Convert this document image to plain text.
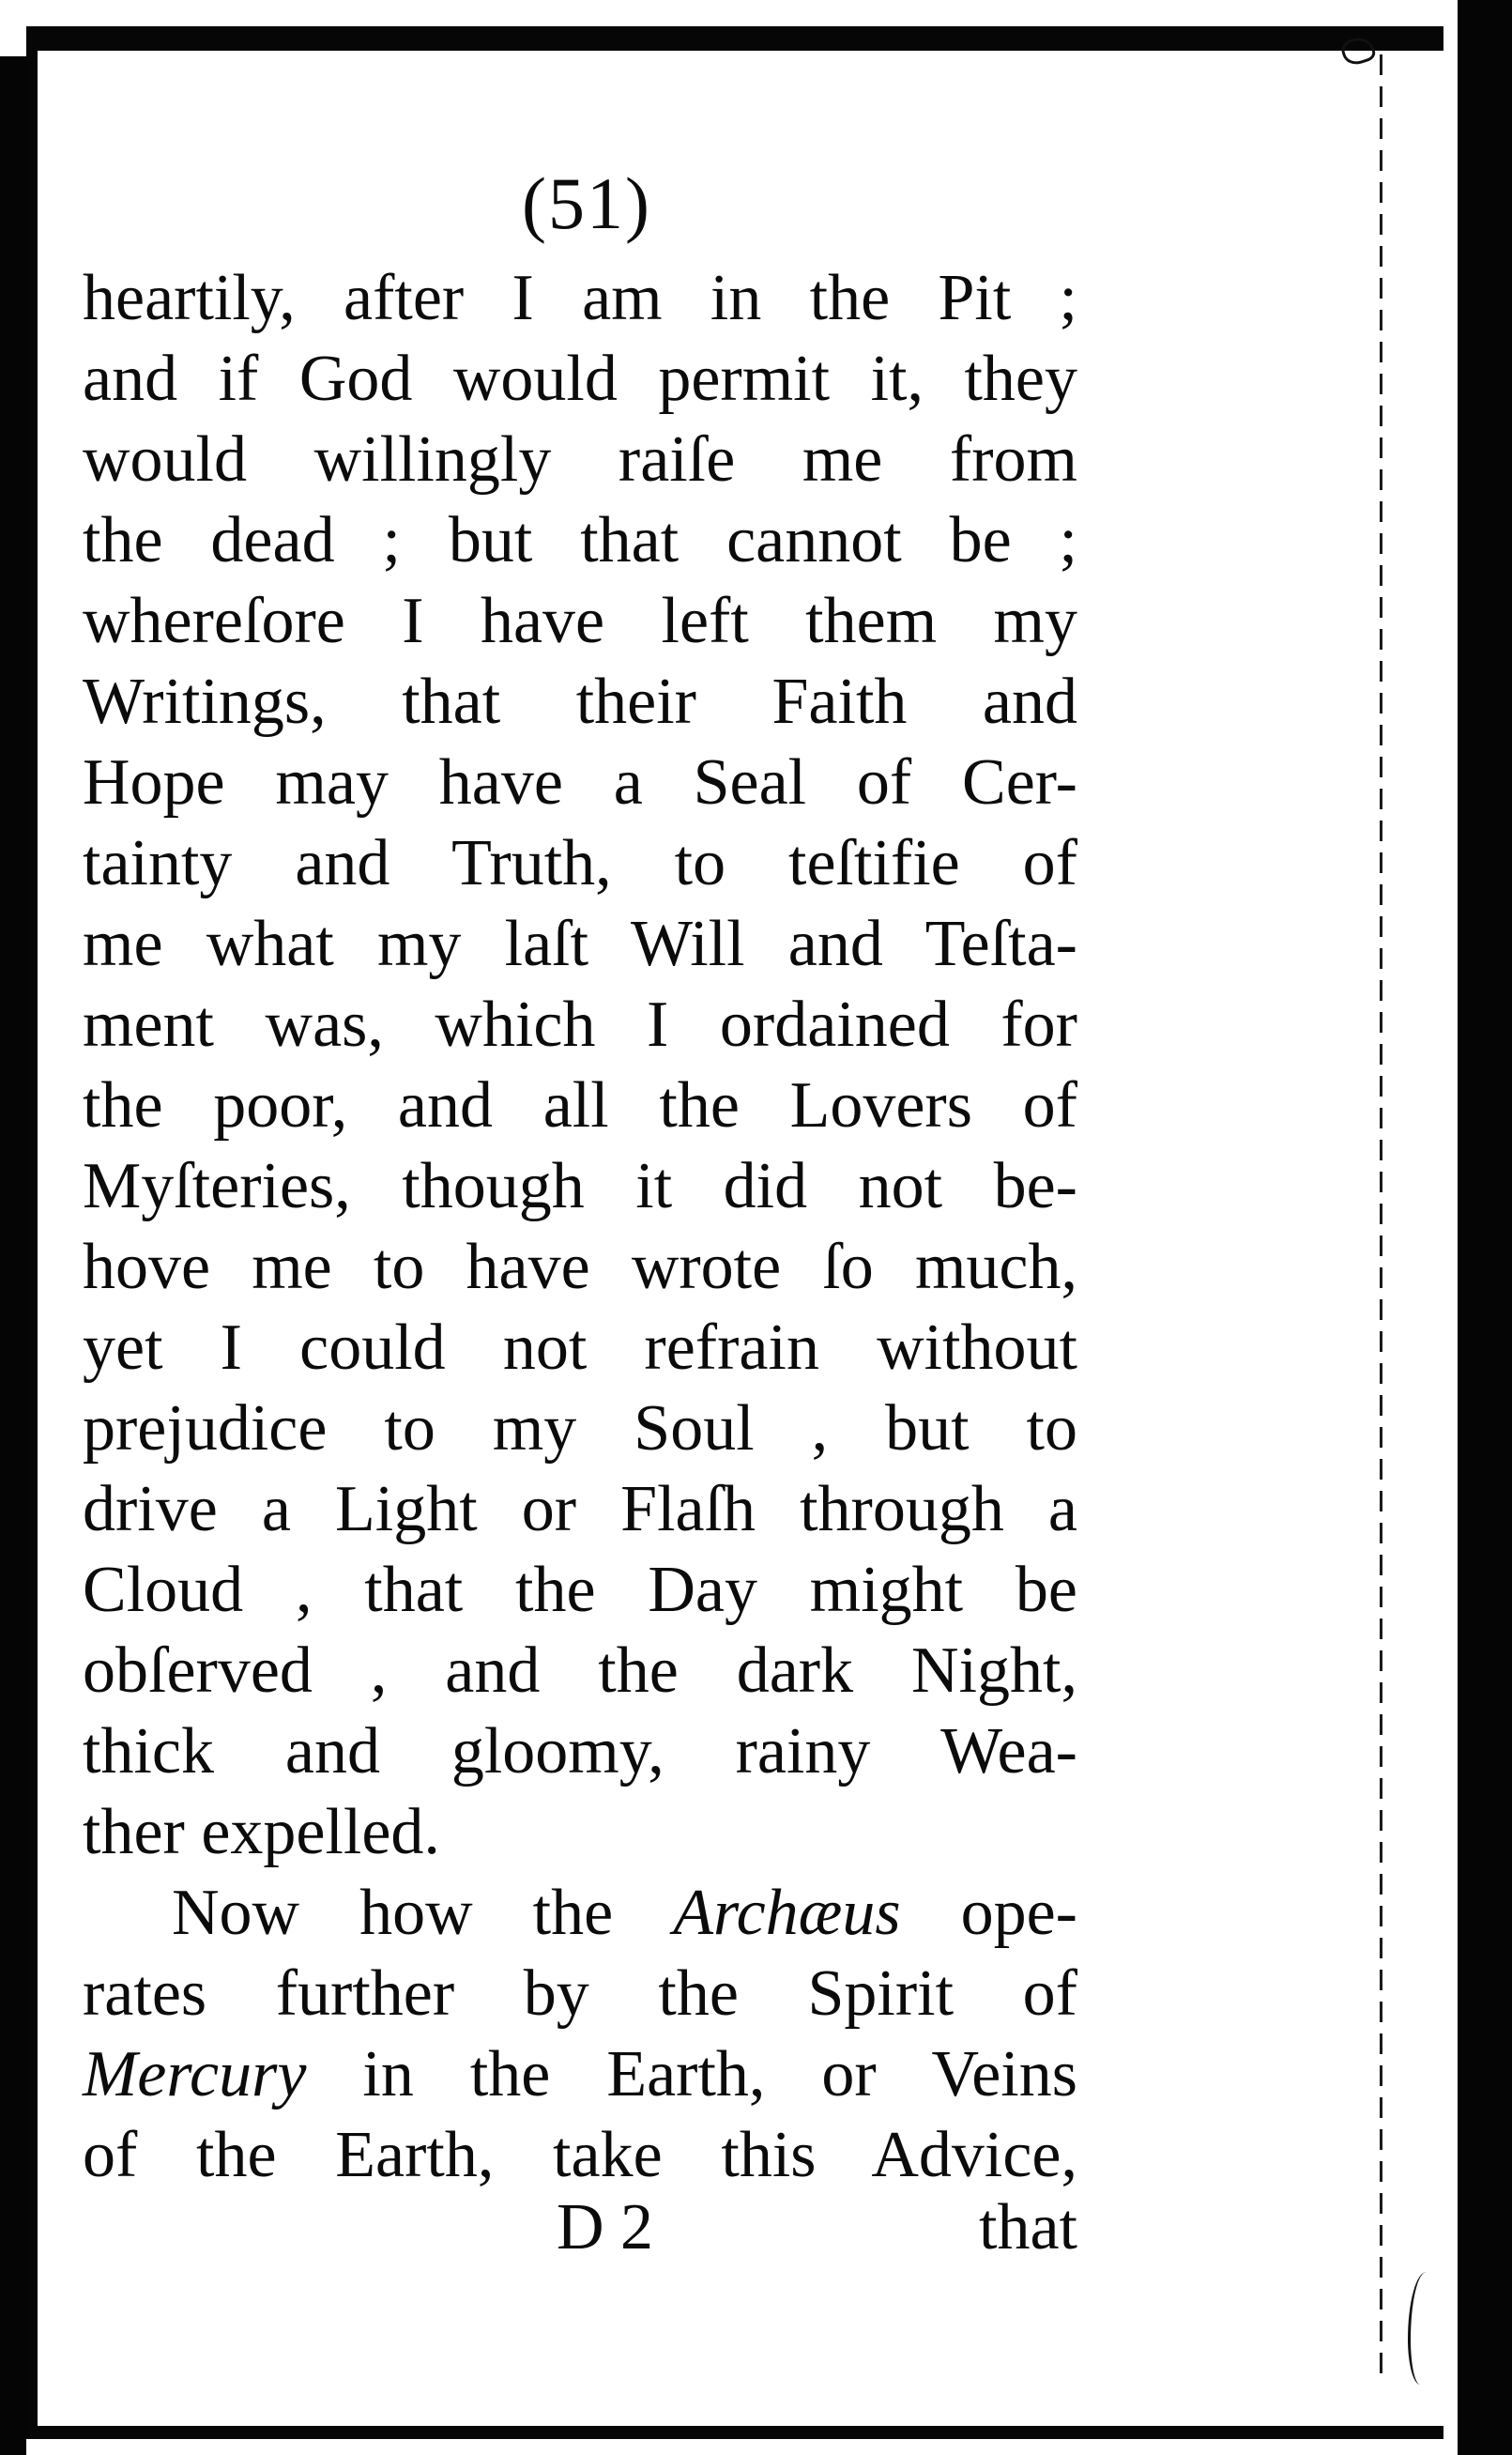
(51)
heartily, after I am in the Pit ;
and if God would permit it, they
would willingly raiſe me from
the dead ; but that cannot be ;
whereſore I have left them my
Writings, that their Faith and
Hope may have a Seal of Cer-
tainty and Truth, to teſtifie of
me what my laſt Will and Teſta-
ment was, which I ordained for
the poor, and all the Lovers of
Myſteries, though it did not be-
hove me to have wrote ſo much,
yet I could not refrain without
prejudice to my Soul , but to
drive a Light or Flaſh through a
Cloud , that the Day might be
obſerved , and the dark Night,
thick and gloomy, rainy Wea-
ther expelled.
Now how the Archæus ope-
rates further by the Spirit of
Mercury in the Earth, or Veins
of the Earth, take this Advice,
D 2	that
